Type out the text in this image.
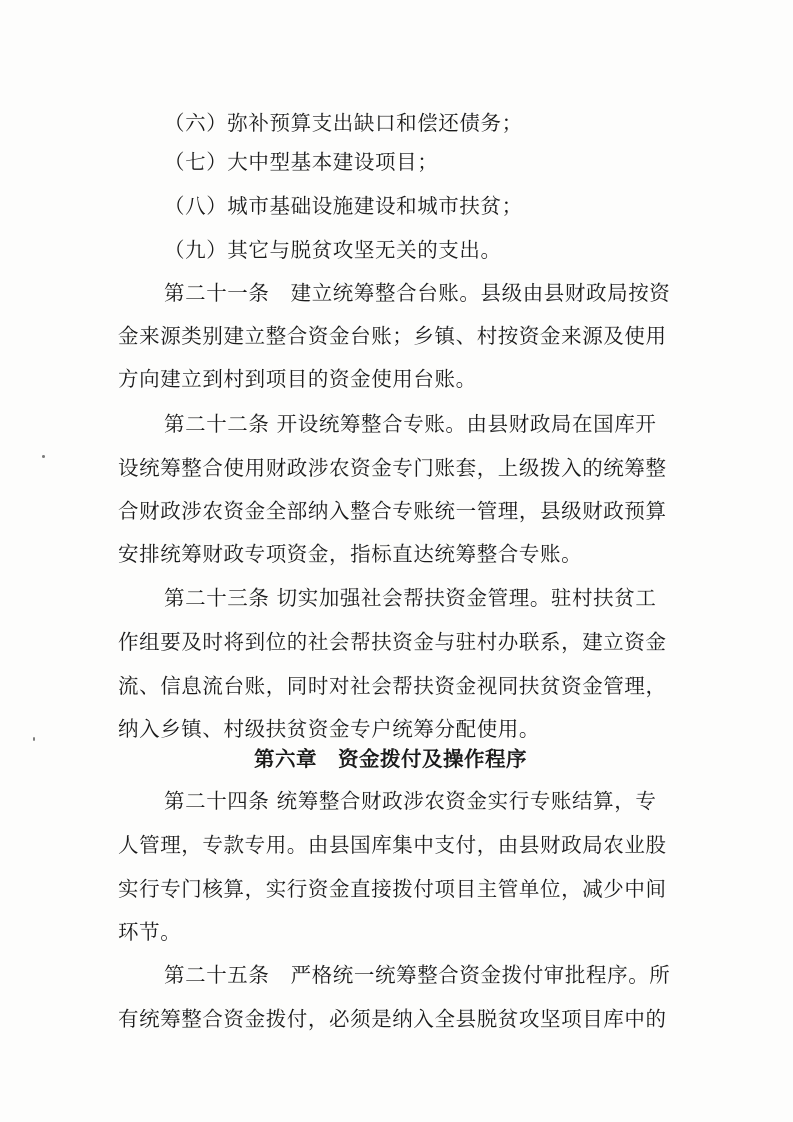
（六）弥补预算支出缺口和偿还债务；
（七）大中型基本建设项目；
（八）城市基础设施建设和城市扶贫；
（九）其它与脱贫攻坚无关的支出。
第二十一条　建立统筹整合台账。县级由县财政局按资
金来源类别建立整合资金台账；乡镇、村按资金来源及使用
方向建立到村到项目的资金使用台账。
第二十二条 开设统筹整合专账。由县财政局在国库开
设统筹整合使用财政涉农资金专门账套，上级拨入的统筹整
合财政涉农资金全部纳入整合专账统一管理，县级财政预算
安排统筹财政专项资金，指标直达统筹整合专账。
第二十三条 切实加强社会帮扶资金管理。驻村扶贫工
作组要及时将到位的社会帮扶资金与驻村办联系，建立资金
流、信息流台账，同时对社会帮扶资金视同扶贫资金管理，
纳入乡镇、村级扶贫资金专户统筹分配使用。
第六章　资金拨付及操作程序
第二十四条 统筹整合财政涉农资金实行专账结算，专
人管理，专款专用。由县国库集中支付，由县财政局农业股
实行专门核算，实行资金直接拨付项目主管单位，减少中间
环节。
第二十五条　严格统一统筹整合资金拨付审批程序。所
有统筹整合资金拨付，必须是纳入全县脱贫攻坚项目库中的
